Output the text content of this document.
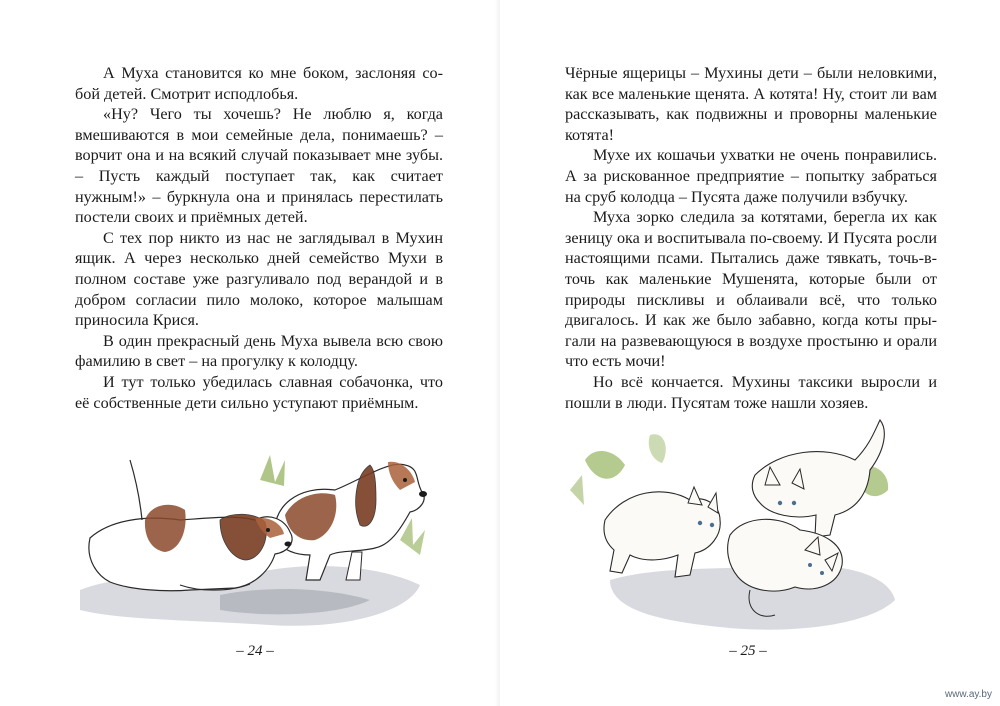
А Муха становится ко мне боком, заслоняя собой детей. Смотрит исподлобья.

«Ну? Чего ты хочешь? Не люблю я, когда вмешиваются в мои семейные дела, понимаешь? – ворчит она и на всякий случай показывает мне зубы. – Пусть каждый поступает так, как считает нужным!» – буркнула она и принялась перестилать постели своих и приёмных детей.

С тех пор никто из нас не заглядывал в Мухин ящик. А через несколько дней семейство Мухи в полном составе уже разгуливало под верандой и в добром согласии пило молоко, которое малышам приносила Крися.

В один прекрасный день Муха вывела всю свою фамилию в свет – на прогулку к колодцу.

И тут только убедилась славная собачонка, что её собственные дети сильно уступают приёмным.

– 24 –

Чёрные ящерицы – Мухины дети – были неловкими, как все маленькие щенята. А котята! Ну, стоит ли вам рассказывать, как подвижны и проворны маленькие котята!

Мухе их кошачьи ухватки не очень понравились. А за рискованное предприятие – попытку забраться на сруб колодца – Пусята даже получили взбучку.

Муха зорко следила за котятами, берегла их как зеницу ока и воспитывала по-своему. И Пусята росли настоящими псами. Пытались даже тявкать, точь-в-точь как маленькие Мушенята, которые были от природы пискливы и облаивали всё, что только двигалось. И как же было забавно, когда коты прыгали на развевающуюся в воздухе простыню и орали что есть мочи!

Но всё кончается. Мухины таксики выросли и пошли в люди. Пусятам тоже нашли хозяев.

– 25 –
www.ay.by
